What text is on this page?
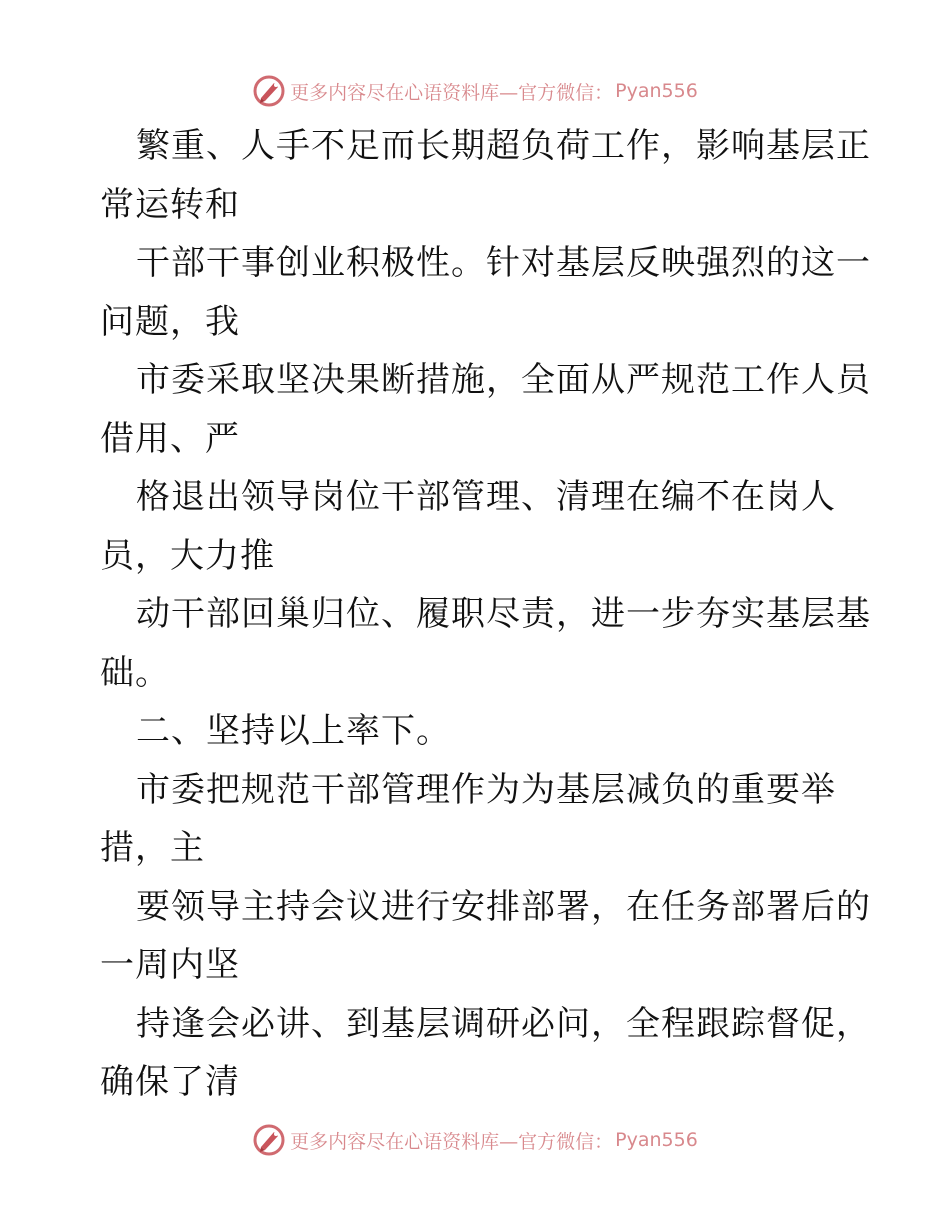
更多内容尽在心语资料库—官方微信： Pyan556

繁重、人手不足而长期超负荷工作，影响基层正

常运转和

干部干事创业积极性。针对基层反映强烈的这一

问题，我

市委采取坚决果断措施，全面从严规范工作人员

借用、严

格退出领导岗位干部管理、清理在编不在岗人

员，大力推

动干部回巢归位、履职尽责，进一步夯实基层基

础。

二、坚持以上率下。

市委把规范干部管理作为为基层减负的重要举

措，主

要领导主持会议进行安排部署，在任务部署后的

一周内坚

持逢会必讲、到基层调研必问，全程跟踪督促，

确保了清

更多内容尽在心语资料库—官方微信： Pyan556
